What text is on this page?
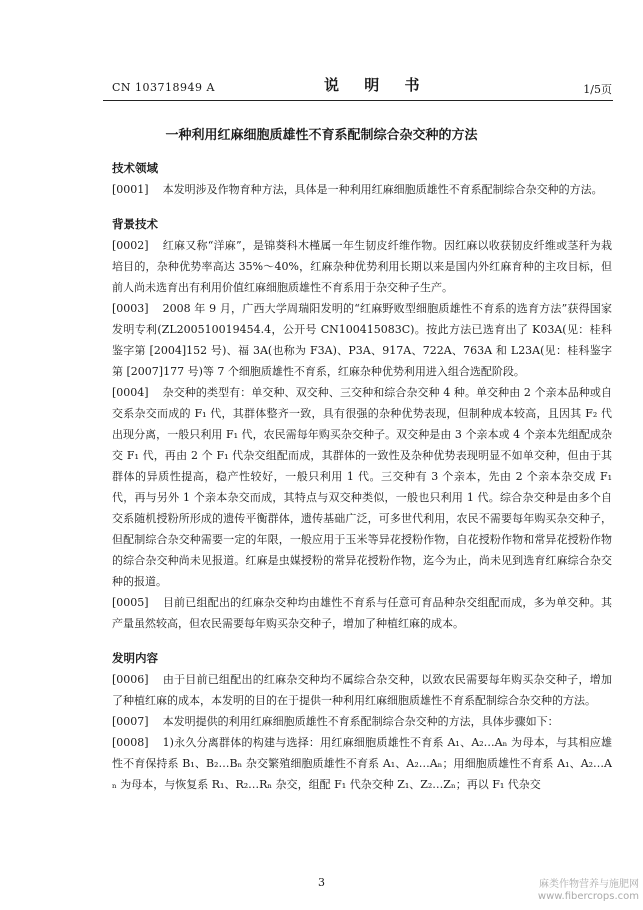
CN 103718949 A	说 明 书	1/5页
一种利用红麻细胞质雄性不育系配制综合杂交种的方法
技术领域
[0001] 本发明涉及作物育种方法，具体是一种利用红麻细胞质雄性不育系配制综合杂交种的方法。
背景技术
[0002] 红麻又称“洋麻”，是锦葵科木槿属一年生韧皮纤维作物。因红麻以收获韧皮纤维或茎秆为栽培目的，杂种优势率高达 35%～40%，红麻杂种优势利用长期以来是国内外红麻育种的主攻目标，但前人尚未选育出有利用价值红麻细胞质雄性不育系用于杂交种子生产。
[0003] 2008 年 9 月，广西大学周瑞阳发明的“红麻野败型细胞质雄性不育系的选育方法”获得国家发明专利(ZL200510019454.4，公开号 CN100415083C)。按此方法已选育出了 K03A(见：桂科鉴字第 [2004]152 号)、福 3A(也称为 F3A)、P3A、917A、722A、763A 和 L23A(见：桂科鉴字第 [2007]177 号)等 7 个细胞质雄性不育系，红麻杂种优势利用进入组合选配阶段。
[0004] 杂交种的类型有：单交种、双交种、三交种和综合杂交种 4 种。单交种由 2 个亲本品种或自交系杂交而成的 F₁ 代，其群体整齐一致，具有很强的杂种优势表现，但制种成本较高，且因其 F₂ 代出现分离，一般只利用 F₁ 代，农民需每年购买杂交种子。双交种是由 3 个亲本或 4 个亲本先组配成杂交 F₁ 代，再由 2 个 F₁ 代杂交组配而成，其群体的一致性及杂种优势表现明显不如单交种，但由于其群体的异质性提高，稳产性较好，一般只利用 1 代。三交种有 3 个亲本，先由 2 个亲本杂交成 F₁ 代，再与另外 1 个亲本杂交而成，其特点与双交种类似，一般也只利用 1 代。综合杂交种是由多个自交系随机授粉所形成的遗传平衡群体，遗传基础广泛，可多世代利用，农民不需要每年购买杂交种子，但配制综合杂交种需要一定的年限，一般应用于玉米等异花授粉作物，自花授粉作物和常异花授粉作物的综合杂交种尚未见报道。红麻是虫媒授粉的常异花授粉作物，迄今为止，尚未见到选育红麻综合杂交种的报道。
[0005] 目前已组配出的红麻杂交种均由雄性不育系与任意可育品种杂交组配而成，多为单交种。其产量虽然较高，但农民需要每年购买杂交种子，增加了种植红麻的成本。
发明内容
[0006] 由于目前已组配出的红麻杂交种均不属综合杂交种，以致农民需要每年购买杂交种子，增加了种植红麻的成本，本发明的目的在于提供一种利用红麻细胞质雄性不育系配制综合杂交种的方法。
[0007] 本发明提供的利用红麻细胞质雄性不育系配制综合杂交种的方法，具体步骤如下：
[0008] 1)永久分离群体的构建与选择：用红麻细胞质雄性不育系 A₁、A₂…Aₙ 为母本，与其相应雄性不育保持系 B₁、B₂…Bₙ 杂交繁殖细胞质雄性不育系 A₁、A₂…Aₙ；用细胞质雄性不育系 A₁、A₂…Aₙ 为母本，与恢复系 R₁、R₂…Rₙ 杂交，组配 F₁ 代杂交种 Z₁、Z₂…Zₙ；再以 F₁ 代杂交
3	麻类作物营养与施肥网
www.fibercrops.com
